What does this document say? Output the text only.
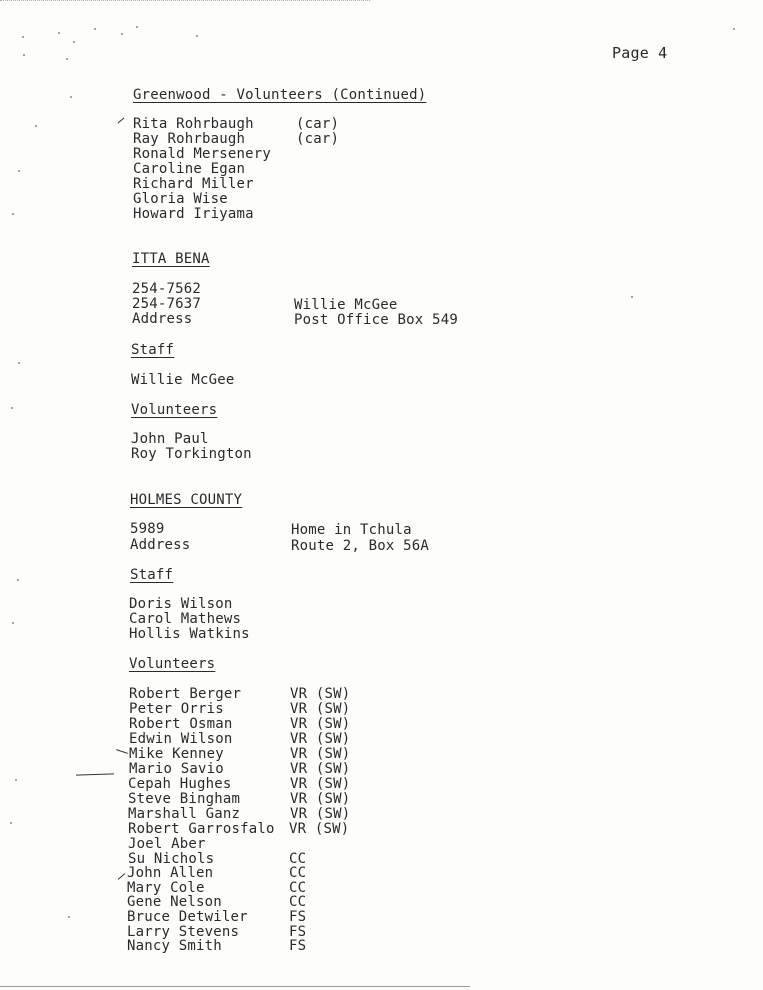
Page 4
Greenwood - Volunteers (Continued)
Rita Rohrbaugh	(car)
Ray Rohrbaugh	(car)
Ronald Mersenery
Caroline Egan
Richard Miller
Gloria Wise
Howard Iriyama
ITTA BENA
254-7562
254-7637	Willie McGee
Address	Post Office Box 549
Staff
Willie McGee
Volunteers
John Paul
Roy Torkington
HOLMES COUNTY
5989	Home in Tchula
Address	Route 2, Box 56A
Staff
Doris Wilson
Carol Mathews
Hollis Watkins
Volunteers
Robert Berger	VR (SW)
Peter Orris	VR (SW)
Robert Osman	VR (SW)
Edwin Wilson	VR (SW)
Mike Kenney	VR (SW)
Mario Savio	VR (SW)
Cepah Hughes	VR (SW)
Steve Bingham	VR (SW)
Marshall Ganz	VR (SW)
Robert Garrosfalo VR (SW)
Joel Aber
Su Nichols	CC
John Allen	CC
Mary Cole	CC
Gene Nelson	CC
Bruce Detwiler	FS
Larry Stevens	FS
Nancy Smith	FS
